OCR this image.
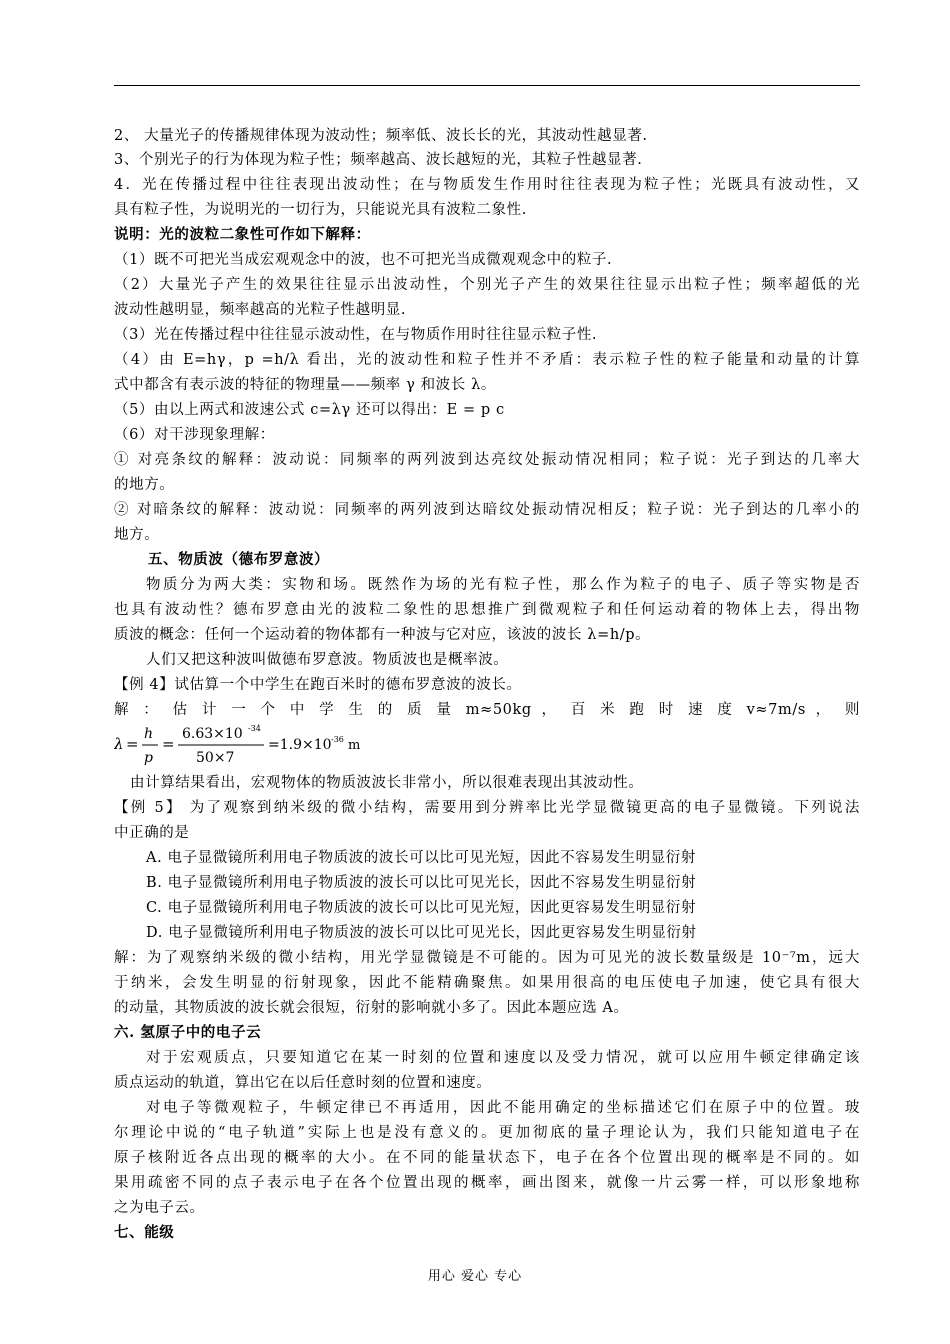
2、 大量光子的传播规律体现为波动性；频率低、波长长的光，其波动性越显著.
3、个别光子的行为体现为粒子性；频率越高、波长越短的光，其粒子性越显著.
4．光在传播过程中往往表现出波动性；在与物质发生作用时往往表现为粒子性；光既具有波动性，又
具有粒子性，为说明光的一切行为，只能说光具有波粒二象性.
说明：光的波粒二象性可作如下解释：
（1）既不可把光当成宏观观念中的波，也不可把光当成微观观念中的粒子.
（2）大量光子产生的效果往往显示出波动性，个别光子产生的效果往往显示出粒子性；频率超低的光
波动性越明显，频率越高的光粒子性越明显.
（3）光在传播过程中往往显示波动性，在与物质作用时往往显示粒子性.
（4）由 E=hγ，p =h/λ 看出，光的波动性和粒子性并不矛盾：表示粒子性的粒子能量和动量的计算
式中都含有表示波的特征的物理量——频率 γ 和波长 λ。
（5）由以上两式和波速公式 c=λγ 还可以得出：E = p c
（6）对干涉现象理解：
① 对亮条纹的解释：波动说：同频率的两列波到达亮纹处振动情况相同；粒子说：光子到达的几率大
的地方。
② 对暗条纹的解释：波动说：同频率的两列波到达暗纹处振动情况相反；粒子说：光子到达的几率小的
地方。
五、物质波（德布罗意波）
物质分为两大类：实物和场。既然作为场的光有粒子性，那么作为粒子的电子、质子等实物是否
也具有波动性？德布罗意由光的波粒二象性的思想推广到微观粒子和任何运动着的物体上去，得出物
质波的概念：任何一个运动着的物体都有一种波与它对应，该波的波长 λ=h/p。
人们又把这种波叫做德布罗意波。物质波也是概率波。
【例 4】试估算一个中学生在跑百米时的德布罗意波的波长。
解 ： 估 计 一 个 中 学 生 的 质 量 m≈50kg ， 百 米 跑 时 速 度 v≈7m/s ， 则
λ =
h
p
=
6.63×10 -34
50×7
=1.9×10 -36 m
由计算结果看出，宏观物体的物质波波长非常小，所以很难表现出其波动性。
【例 5】 为了观察到纳米级的微小结构，需要用到分辨率比光学显微镜更高的电子显微镜。下列说法
中正确的是
A. 电子显微镜所利用电子物质波的波长可以比可见光短，因此不容易发生明显衍射
B. 电子显微镜所利用电子物质波的波长可以比可见光长，因此不容易发生明显衍射
C. 电子显微镜所利用电子物质波的波长可以比可见光短，因此更容易发生明显衍射
D. 电子显微镜所利用电子物质波的波长可以比可见光长，因此更容易发生明显衍射
解：为了观察纳米级的微小结构，用光学显微镜是不可能的。因为可见光的波长数量级是 10⁻⁷m，远大
于纳米，会发生明显的衍射现象，因此不能精确聚焦。如果用很高的电压使电子加速，使它具有很大
的动量，其物质波的波长就会很短，衍射的影响就小多了。因此本题应选 A。
六. 氢原子中的电子云
对于宏观质点，只要知道它在某一时刻的位置和速度以及受力情况，就可以应用牛顿定律确定该
质点运动的轨道，算出它在以后任意时刻的位置和速度。
对电子等微观粒子，牛顿定律已不再适用，因此不能用确定的坐标描述它们在原子中的位置。玻
尔理论中说的“电子轨道”实际上也是没有意义的。更加彻底的量子理论认为，我们只能知道电子在
原子核附近各点出现的概率的大小。在不同的能量状态下，电子在各个位置出现的概率是不同的。如
果用疏密不同的点子表示电子在各个位置出现的概率，画出图来，就像一片云雾一样，可以形象地称
之为电子云。
七、能级
用心 爱心 专心
